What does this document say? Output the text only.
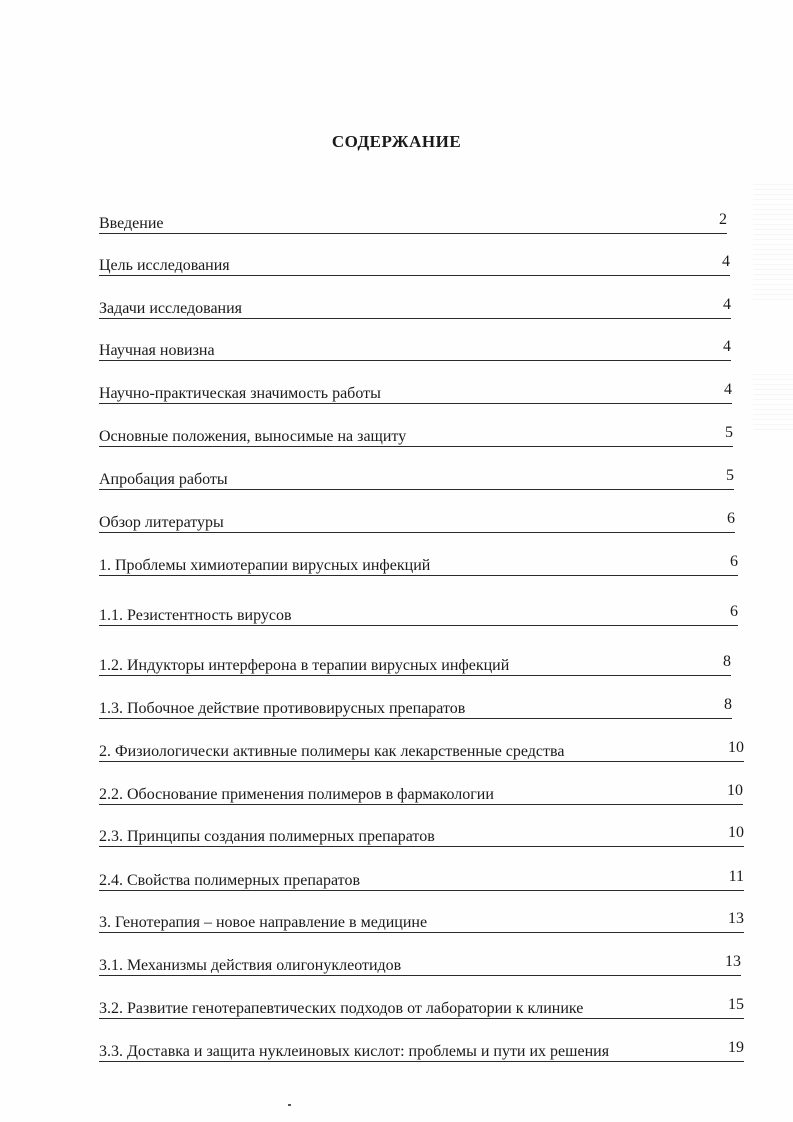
СОДЕРЖАНИЕ
Введение	2
Цель исследования	4
Задачи исследования	4
Научная новизна	4
Научно-практическая значимость работы	4
Основные положения, выносимые на защиту	5
Апробация работы	5
Обзор литературы	6
1. Проблемы химиотерапии вирусных инфекций	6
1.1. Резистентность вирусов	6
1.2. Индукторы интерферона в терапии вирусных инфекций	8
1.3. Побочное действие противовирусных препаратов	8
2. Физиологически активные полимеры как лекарственные средства	10
2.2. Обоснование применения полимеров в фармакологии	10
2.3. Принципы создания полимерных препаратов	10
2.4. Свойства полимерных препаратов	11
3. Генотерапия – новое направление в медицине	13
3.1. Механизмы действия олигонуклеотидов	13
3.2. Развитие генотерапевтических подходов от лаборатории к клинике	15
3.3. Доставка и защита нуклеиновых кислот: проблемы и пути их решения	19
